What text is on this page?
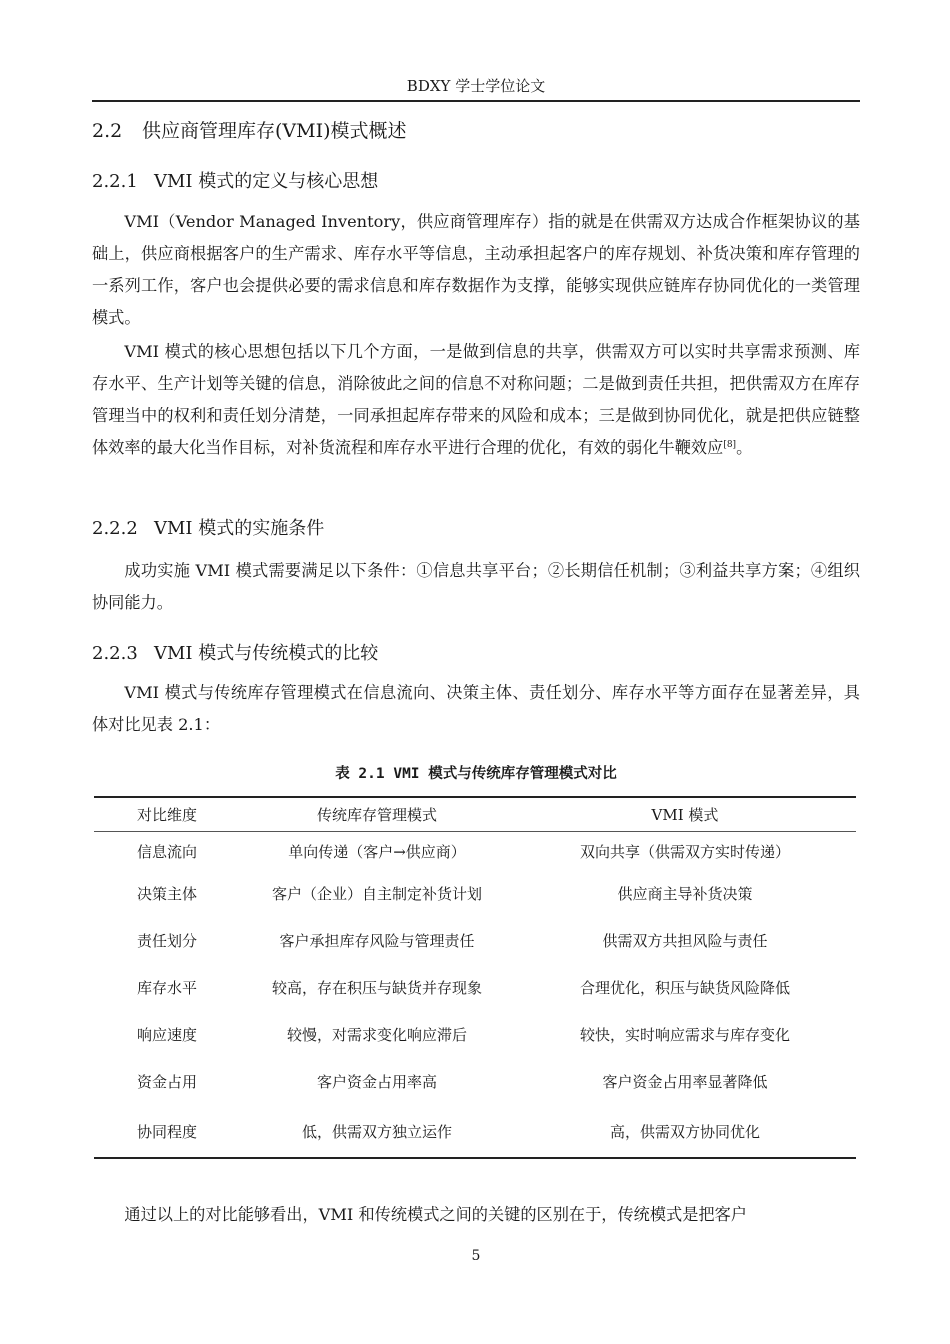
BDXY 学士学位论文
2.2 供应商管理库存(VMI)模式概述
2.2.1 VMI 模式的定义与核心思想

VMI（Vendor Managed Inventory，供应商管理库存）指的就是在供需双方达成合作框架协议的基础上，供应商根据客户的生产需求、库存水平等信息，主动承担起客户的库存规划、补货决策和库存管理的一系列工作，客户也会提供必要的需求信息和库存数据作为支撑，能够实现供应链库存协同优化的一类管理模式。

VMI 模式的核心思想包括以下几个方面，一是做到信息的共享，供需双方可以实时共享需求预测、库存水平、生产计划等关键的信息，消除彼此之间的信息不对称问题；二是做到责任共担，把供需双方在库存管理当中的权利和责任划分清楚，一同承担起库存带来的风险和成本；三是做到协同优化，就是把供应链整体效率的最大化当作目标，对补货流程和库存水平进行合理的优化，有效的弱化牛鞭效应[8]。

2.2.2 VMI 模式的实施条件

成功实施 VMI 模式需要满足以下条件：①信息共享平台；②长期信任机制；③利益共享方案；④组织协同能力。

2.2.3 VMI 模式与传统模式的比较

VMI 模式与传统库存管理模式在信息流向、决策主体、责任划分、库存水平等方面存在显著差异，具体对比见表 2.1：

表 2.1 VMI 模式与传统库存管理模式对比
对比维度	传统库存管理模式	VMI 模式
信息流向	单向传递（客户→供应商）	双向共享（供需双方实时传递）
决策主体	客户（企业）自主制定补货计划	供应商主导补货决策
责任划分	客户承担库存风险与管理责任	供需双方共担风险与责任
库存水平	较高，存在积压与缺货并存现象	合理优化，积压与缺货风险降低
响应速度	较慢，对需求变化响应滞后	较快，实时响应需求与库存变化
资金占用	客户资金占用率高	客户资金占用率显著降低
协同程度	低，供需双方独立运作	高，供需双方协同优化

通过以上的对比能够看出，VMI 和传统模式之间的关键的区别在于，传统模式是把客户

5
